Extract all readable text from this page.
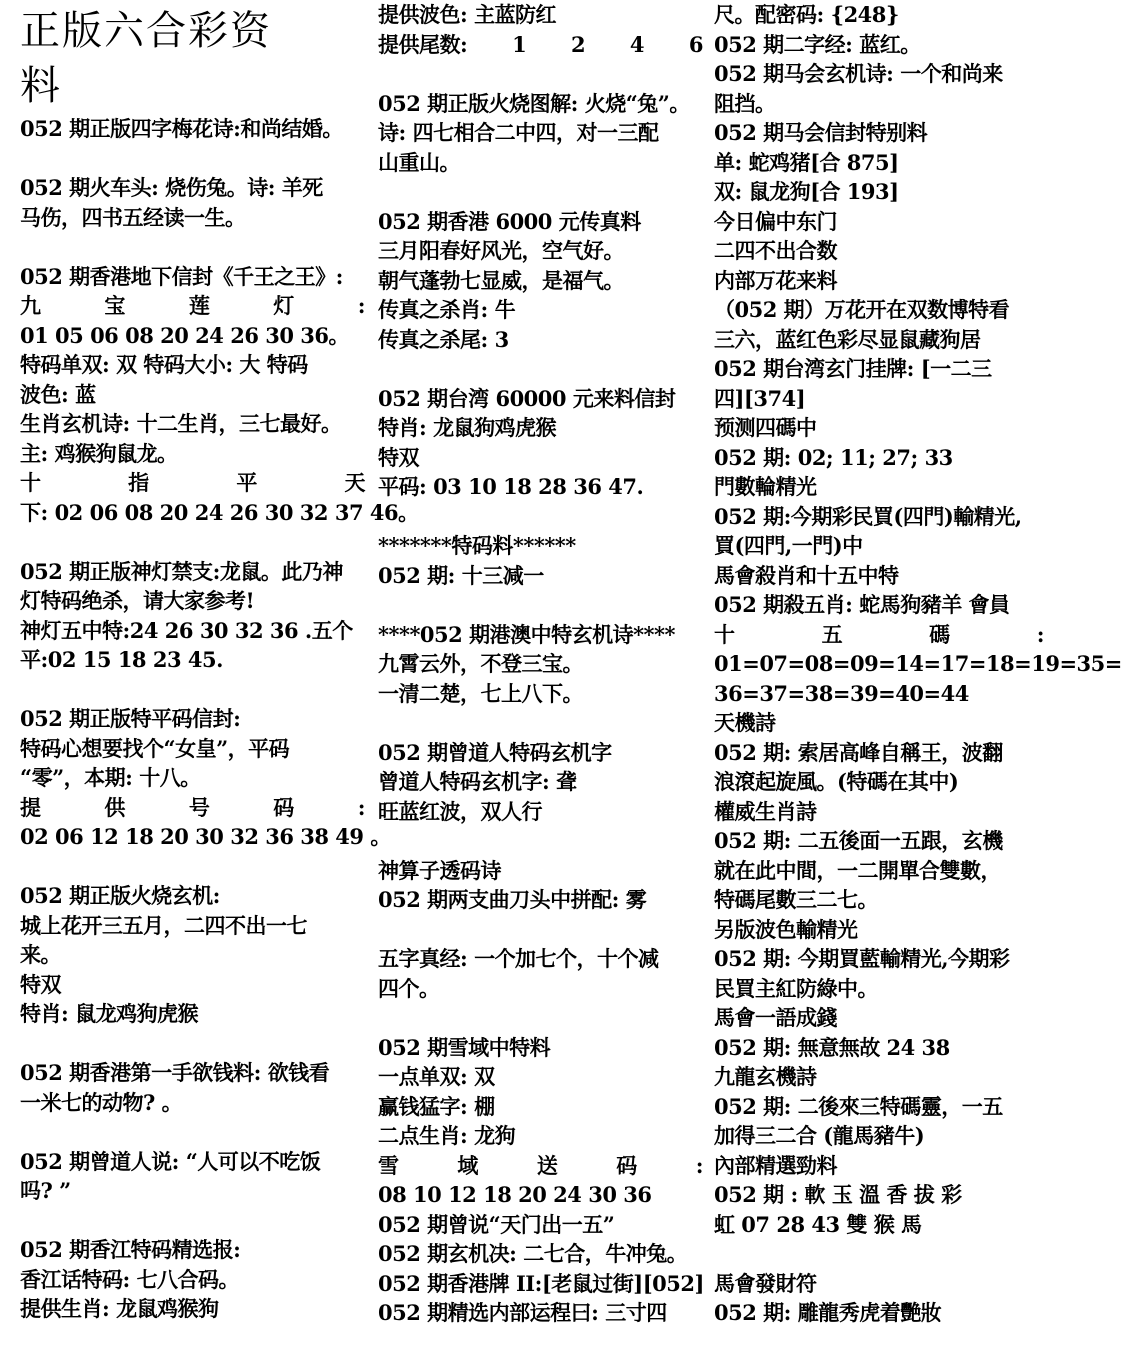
正版六合彩资
料
052 期正版四字梅花诗:和尚结婚。
052 期火车头: 烧伤兔。诗: 羊死
马伤，四书五经读一生。
052 期香港地下信封《千王之王》:
九	宝	莲	灯	:
01 05 06 08 20 24 26 30 36。
特码单双: 双 特码大小: 大 特码
波色: 蓝
生肖玄机诗: 十二生肖，三七最好。
主: 鸡猴狗鼠龙。
十	指	平	天
下: 02 06 08 20 24 26 30 32 37 46。
052 期正版神灯禁支:龙鼠。此乃神
灯特码绝杀，请大家参考!
神灯五中特:24 26 30 32 36 .五个
平:02 15 18 23 45.
052 期正版特平码信封:
特码心想要找个“女皇”，平码
“零”，本期: 十八。
提	供	号	码	:
02 06 12 18 20 30 32 36 38 49 。
052 期正版火烧玄机:
城上花开三五月，二四不出一七
来。
特双
特肖: 鼠龙鸡狗虎猴
052 期香港第一手欲钱料: 欲钱看
一米七的动物? 。
052 期曾道人说: “人可以不吃饭
吗? ”
052 期香江特码精选报:
香江话特码: 七八合码。
提供生肖: 龙鼠鸡猴狗
提供波色: 主蓝防红
提供尾数: 1 2 4 6
052 期正版火烧图解: 火烧“兔”。
诗: 四七相合二中四，对一三配
山重山。
052 期香港 6000 元传真料
三月阳春好风光，空气好。
朝气蓬勃七显威，是福气。
传真之杀肖: 牛
传真之杀尾: 3
052 期台湾 60000 元来料信封
特肖: 龙鼠狗鸡虎猴
特双
平码: 03 10 18 28 36 47.
*******特码料******
052 期: 十三减一
****052 期港澳中特玄机诗****
九霄云外，不登三宝。
一清二楚，七上八下。
052 期曾道人特码玄机字
曾道人特码玄机字: 聋
旺蓝红波，双人行
神算子透码诗
052 期两支曲刀头中拼配: 雾
五字真经: 一个加七个，十个减
四个。
052 期雪域中特料
一点单双: 双
赢钱猛字: 棚
二点生肖: 龙狗
雪	域	送	码	:
08 10 12 18 20 24 30 36
052 期曾说“天门出一五”
052 期玄机决: 二七合，牛冲兔。
052 期香港牌 II:[老鼠过街][052]
052 期精选内部运程曰: 三寸四
尺。配密码: {248}
052 期二字经: 蓝红。
052 期马会玄机诗: 一个和尚来
阻挡。
052 期马会信封特别料
单: 蛇鸡猪[合 875]
双: 鼠龙狗[合 193]
今日偏中东门
二四不出合数
内部万花来料
（052 期）万花开在双数博特看
三六，蓝红色彩尽显鼠藏狗居
052 期台湾玄门挂牌: [一二三
四][374]
预测四碼中
052 期: 02; 11; 27; 33
門數輪精光
052 期:今期彩民買(四門)輸精光,
買(四門,一門)中
馬會殺肖和十五中特
052 期殺五肖: 蛇馬狗豬羊 會員
十	五	碼	:
01=07=08=09=14=17=18=19=35=
36=37=38=39=40=44
天機詩
052 期: 索居高峰自稱王，波翻
浪滾起旋風。(特碼在其中)
權威生肖詩
052 期: 二五後面一五跟，玄機
就在此中間，一二開單合雙數，
特碼尾數三二七。
另版波色輸精光
052 期: 今期買藍輸精光,今期彩
民買主紅防綠中。
馬會一語成錢
052 期: 無意無故 24 38
九龍玄機詩
052 期: 二後來三特碼靈，一五
加得三二合 (龍馬豬牛)
內部精選勁料
052 期 : 軟 玉 溫 香 拔 彩
虹 07 28 43 雙 猴 馬
馬會發財符
052 期: 雕龍秀虎着艷妝
